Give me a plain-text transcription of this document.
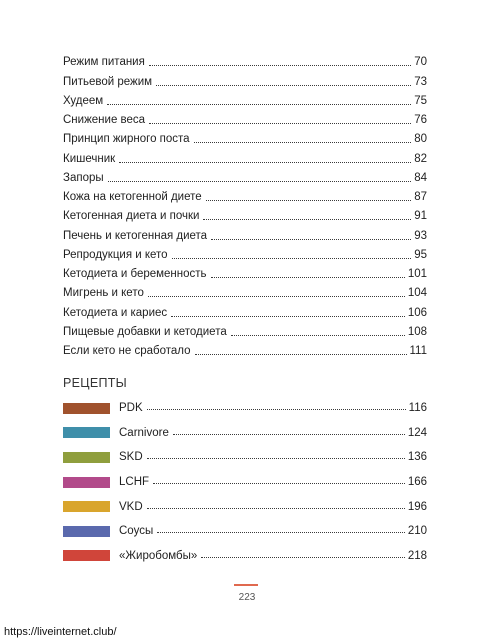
Режим питания	70
Питьевой режим	73
Худеем	75
Снижение веса	76
Принцип жирного поста	80
Кишечник	82
Запоры	84
Кожа на кетогенной диете	87
Кетогенная диета и почки	91
Печень и кетогенная диета	93
Репродукция и кето	95
Кетодиета и беременность	101
Мигрень и кето	104
Кетодиета и кариес	106
Пищевые добавки и кетодиета	108
Если кето не сработало	111
РЕЦЕПТЫ
PDK	116
Carnivore	124
SKD	136
LCHF	166
VKD	196
Соусы	210
«Жиробомбы»	218
223
https://liveinternet.club/
